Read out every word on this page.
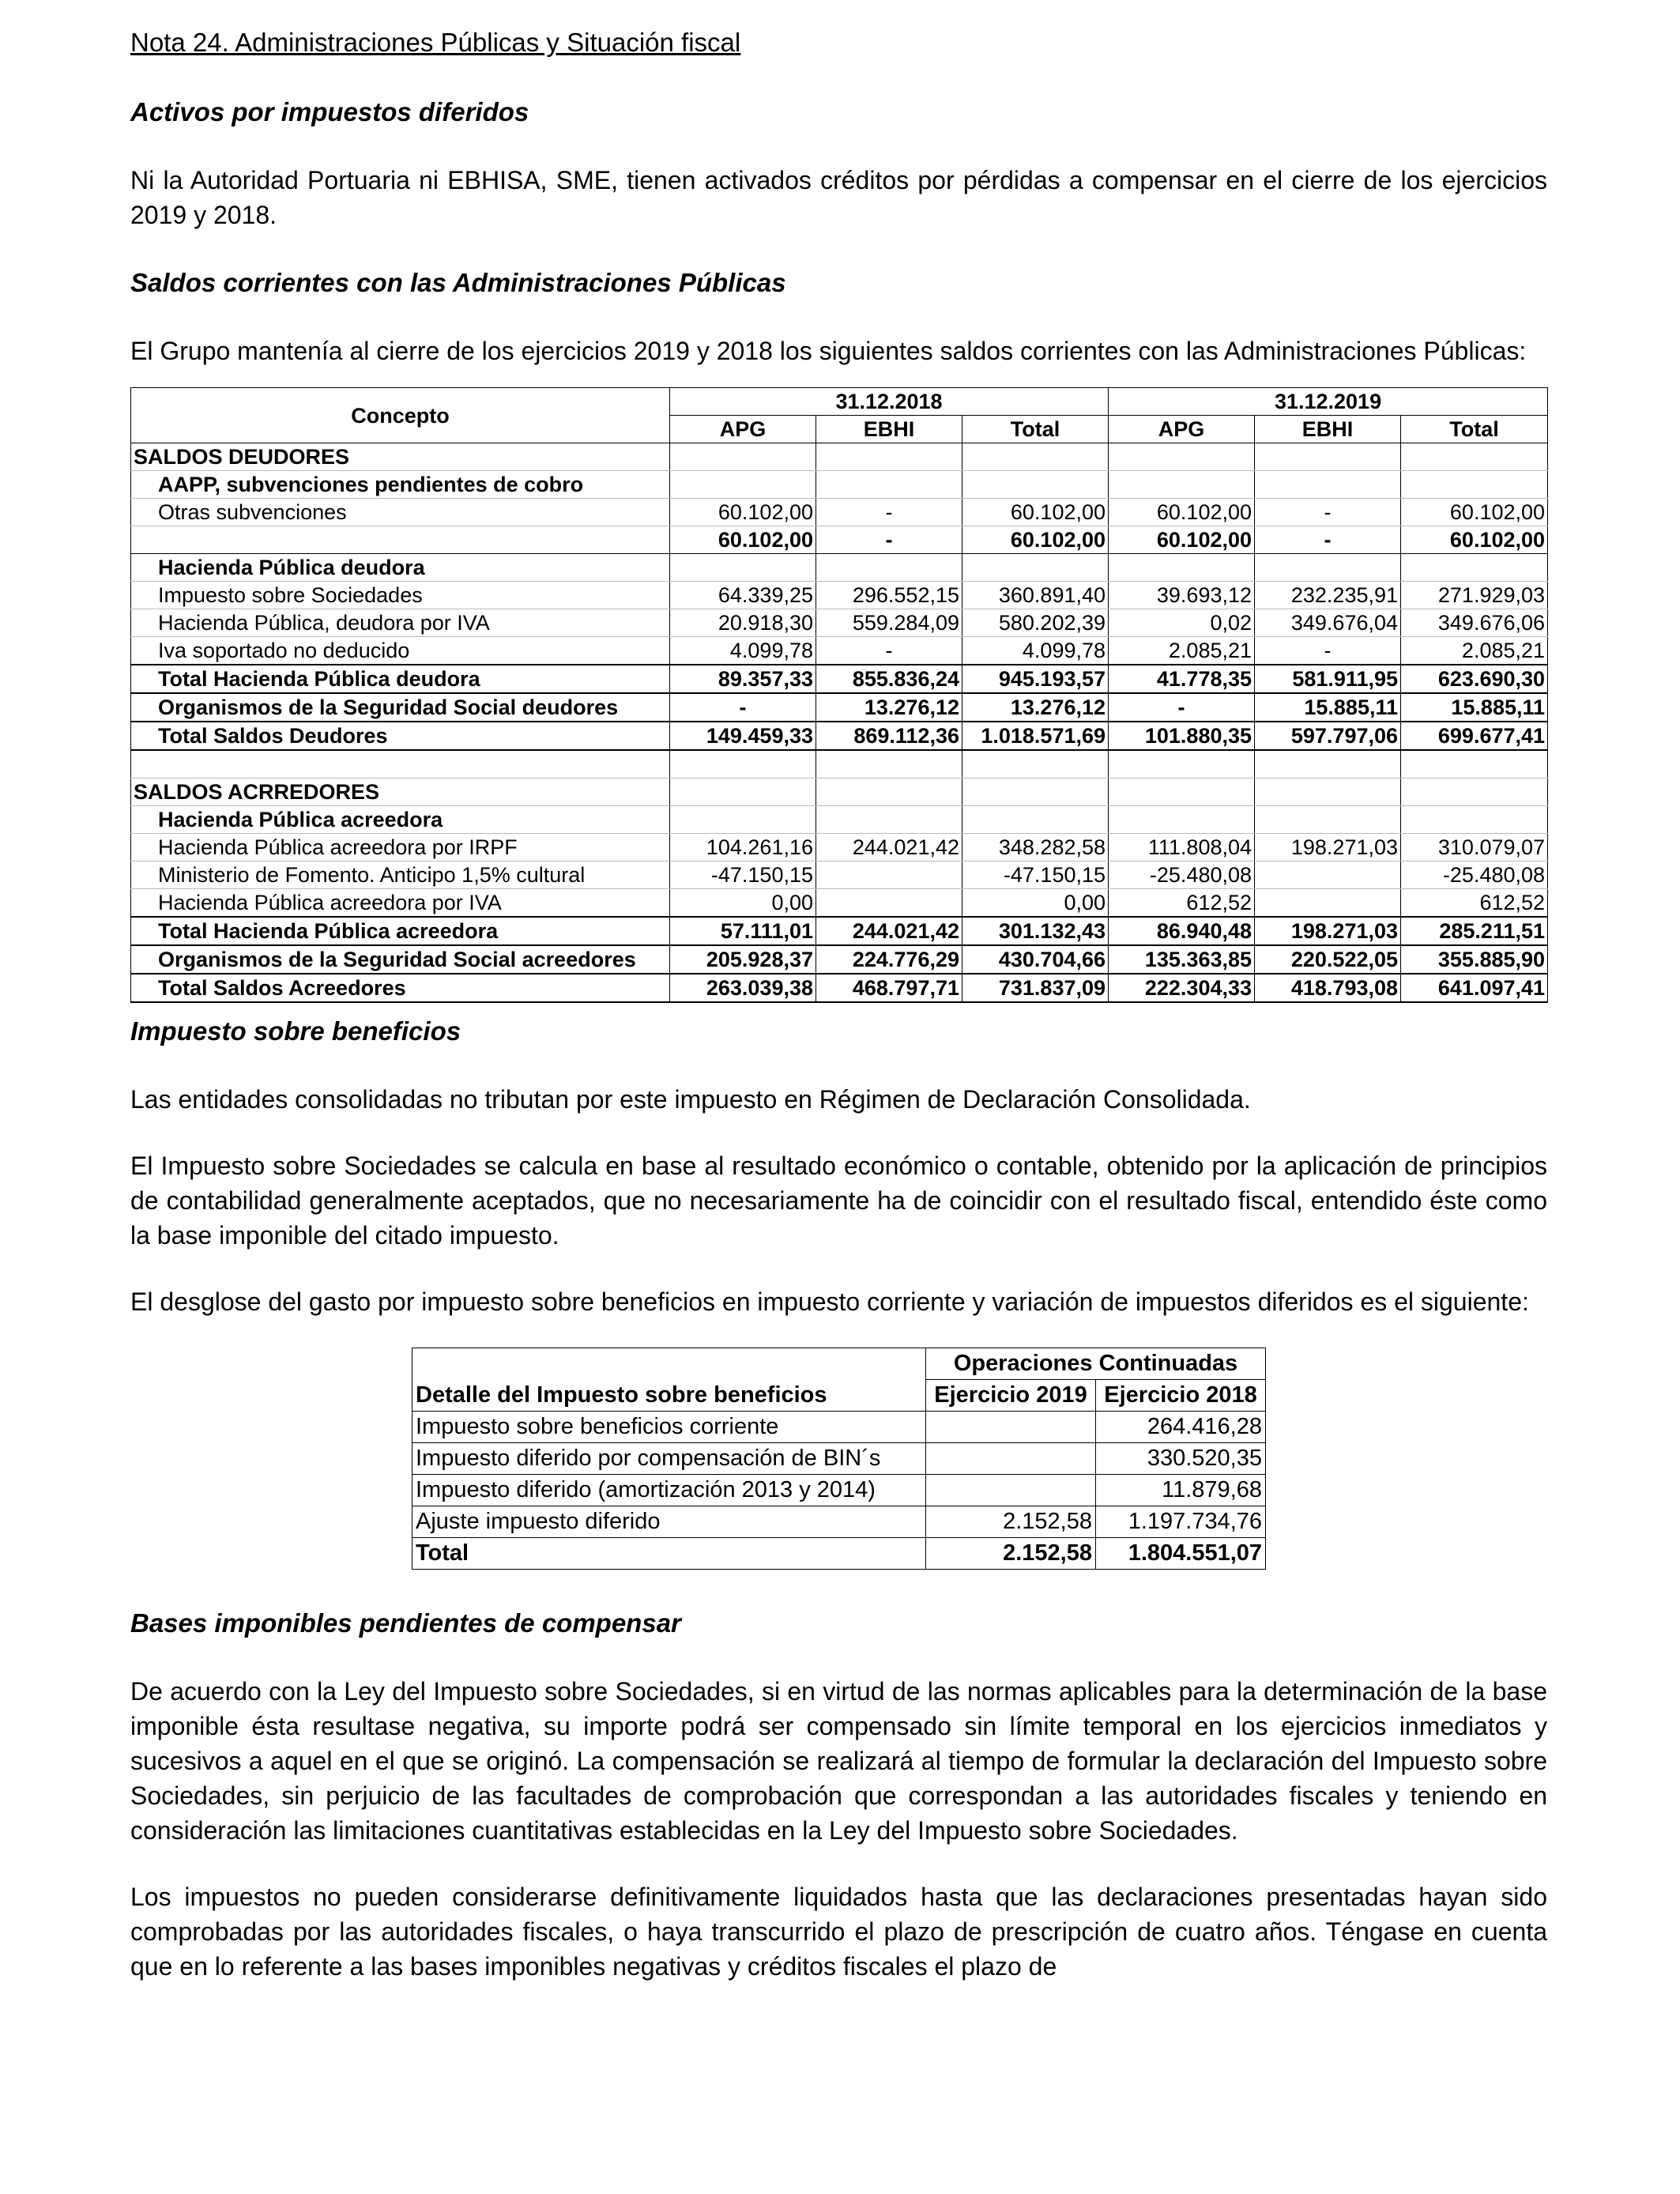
Nota 24. Administraciones Públicas y Situación fiscal

Activos por impuestos diferidos

Ni la Autoridad Portuaria ni EBHISA, SME, tienen activados créditos por pérdidas a compensar en el cierre de los ejercicios 2019 y 2018.

Saldos corrientes con las Administraciones Públicas

El Grupo mantenía al cierre de los ejercicios 2019 y 2018 los siguientes saldos corrientes con las Administraciones Públicas:

Concepto	31.12.2018			31.12.2019		
	APG	EBHI	Total	APG	EBHI	Total
SALDOS DEUDORES						
AAPP, subvenciones pendientes de cobro						
Otras subvenciones	60.102,00	-	60.102,00	60.102,00	-	60.102,00
	60.102,00	-	60.102,00	60.102,00	-	60.102,00
Hacienda Pública deudora						
Impuesto sobre Sociedades	64.339,25	296.552,15	360.891,40	39.693,12	232.235,91	271.929,03
Hacienda Pública, deudora por IVA	20.918,30	559.284,09	580.202,39	0,02	349.676,04	349.676,06
Iva soportado no deducido	4.099,78	-	4.099,78	2.085,21	-	2.085,21
Total Hacienda Pública deudora	89.357,33	855.836,24	945.193,57	41.778,35	581.911,95	623.690,30
Organismos de la Seguridad Social deudores	-	13.276,12	13.276,12	-	15.885,11	15.885,11
Total Saldos Deudores	149.459,33	869.112,36	1.018.571,69	101.880,35	597.797,06	699.677,41

SALDOS ACRREDORES						
Hacienda Pública acreedora						
Hacienda Pública acreedora por IRPF	104.261,16	244.021,42	348.282,58	111.808,04	198.271,03	310.079,07
Ministerio de Fomento. Anticipo 1,5% cultural	-47.150,15		-47.150,15	-25.480,08		-25.480,08
Hacienda Pública acreedora por IVA	0,00		0,00	612,52		612,52
Total Hacienda Pública acreedora	57.111,01	244.021,42	301.132,43	86.940,48	198.271,03	285.211,51
Organismos de la Seguridad Social acreedores	205.928,37	224.776,29	430.704,66	135.363,85	220.522,05	355.885,90
Total Saldos Acreedores	263.039,38	468.797,71	731.837,09	222.304,33	418.793,08	641.097,41

Impuesto sobre beneficios

Las entidades consolidadas no tributan por este impuesto en Régimen de Declaración Consolidada.

El Impuesto sobre Sociedades se calcula en base al resultado económico o contable, obtenido por la aplicación de principios de contabilidad generalmente aceptados, que no necesariamente ha de coincidir con el resultado fiscal, entendido éste como la base imponible del citado impuesto.

El desglose del gasto por impuesto sobre beneficios en impuesto corriente y variación de impuestos diferidos es el siguiente:

	Operaciones Continuadas	
Detalle del Impuesto sobre beneficios	Ejercicio 2019	Ejercicio 2018
Impuesto sobre beneficios corriente		264.416,28
Impuesto diferido por compensación de BIN´s		330.520,35
Impuesto diferido (amortización 2013 y 2014)		11.879,68
Ajuste impuesto diferido	2.152,58	1.197.734,76
Total	2.152,58	1.804.551,07

Bases imponibles pendientes de compensar

De acuerdo con la Ley del Impuesto sobre Sociedades, si en virtud de las normas aplicables para la determinación de la base imponible ésta resultase negativa, su importe podrá ser compensado sin límite temporal en los ejercicios inmediatos y sucesivos a aquel en el que se originó. La compensación se realizará al tiempo de formular la declaración del Impuesto sobre Sociedades, sin perjuicio de las facultades de comprobación que correspondan a las autoridades fiscales y teniendo en consideración las limitaciones cuantitativas establecidas en la Ley del Impuesto sobre Sociedades.

Los impuestos no pueden considerarse definitivamente liquidados hasta que las declaraciones presentadas hayan sido comprobadas por las autoridades fiscales, o haya transcurrido el plazo de prescripción de cuatro años. Téngase en cuenta que en lo referente a las bases imponibles negativas y créditos fiscales el plazo de
